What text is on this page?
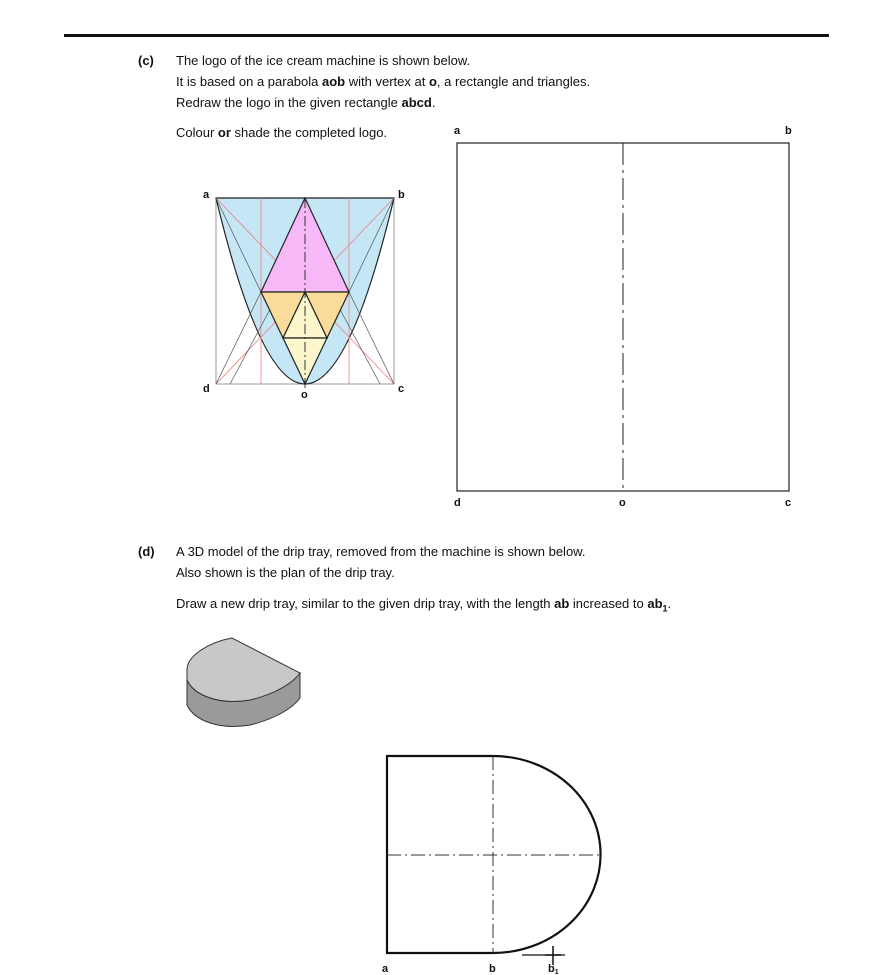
(c) The logo of the ice cream machine is shown below.
It is based on a parabola aob with vertex at o, a rectangle and triangles.
Redraw the logo in the given rectangle abcd.
Colour or shade the completed logo.
(d) A 3D model of the drip tray, removed from the machine is shown below.
Also shown is the plan of the drip tray.
Draw a new drip tray, similar to the given drip tray, with the length ab increased to $ab_1$.
a	b
c
d	o
a	b
c
d	o
a	b	b1
